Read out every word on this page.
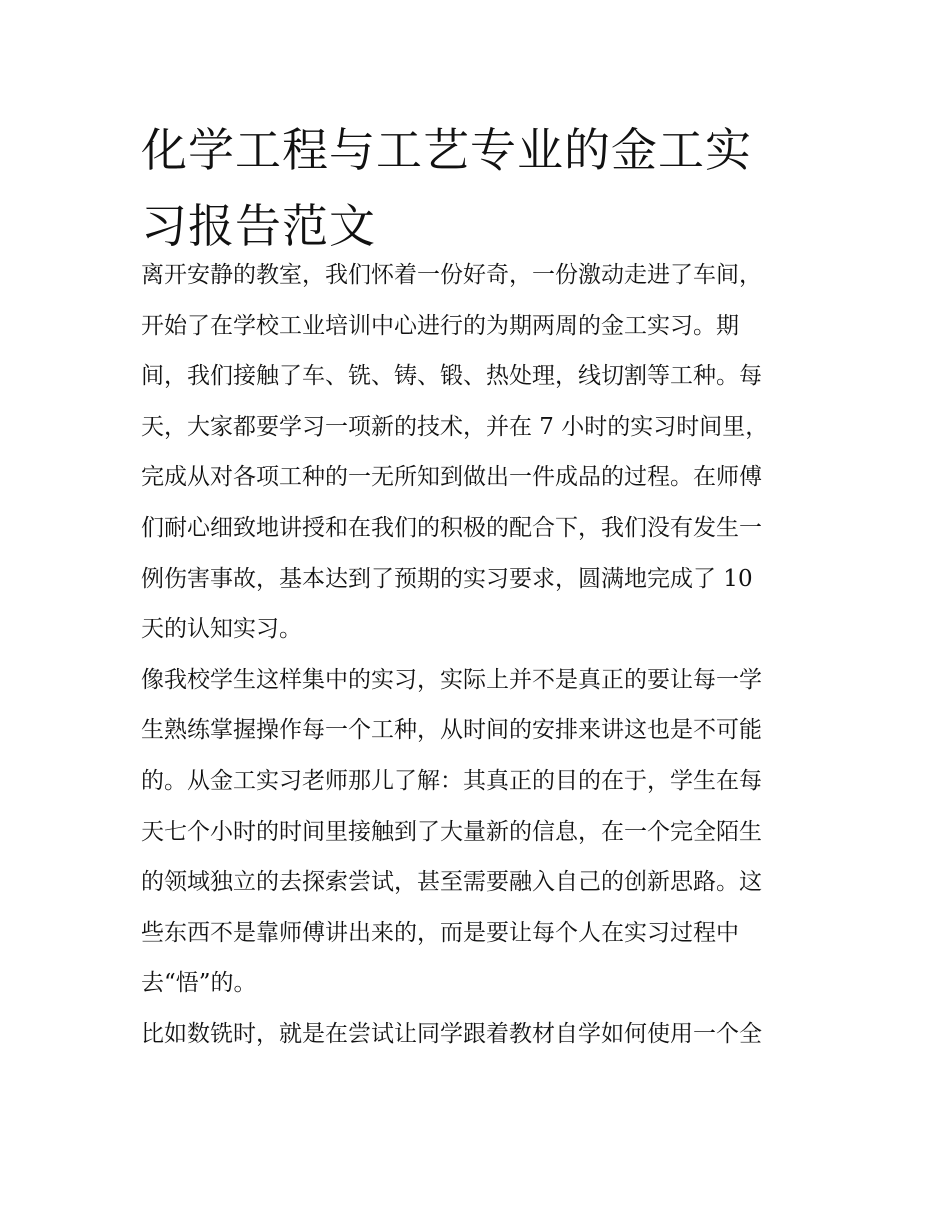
化学工程与工艺专业的金工实
习报告范文
离开安静的教室，我们怀着一份好奇，一份激动走进了车间，
开始了在学校工业培训中心进行的为期两周的金工实习。期
间，我们接触了车、铣、铸、锻、热处理，线切割等工种。每
天，大家都要学习一项新的技术，并在 7 小时的实习时间里，
完成从对各项工种的一无所知到做出一件成品的过程。在师傅
们耐心细致地讲授和在我们的积极的配合下，我们没有发生一
例伤害事故，基本达到了预期的实习要求，圆满地完成了 10
天的认知实习。
像我校学生这样集中的实习，实际上并不是真正的要让每一学
生熟练掌握操作每一个工种，从时间的安排来讲这也是不可能
的。从金工实习老师那儿了解：其真正的目的在于，学生在每
天七个小时的时间里接触到了大量新的信息，在一个完全陌生
的领域独立的去探索尝试，甚至需要融入自己的创新思路。这
些东西不是靠师傅讲出来的，而是要让每个人在实习过程中
去“悟”的。
比如数铣时，就是在尝试让同学跟着教材自学如何使用一个全
